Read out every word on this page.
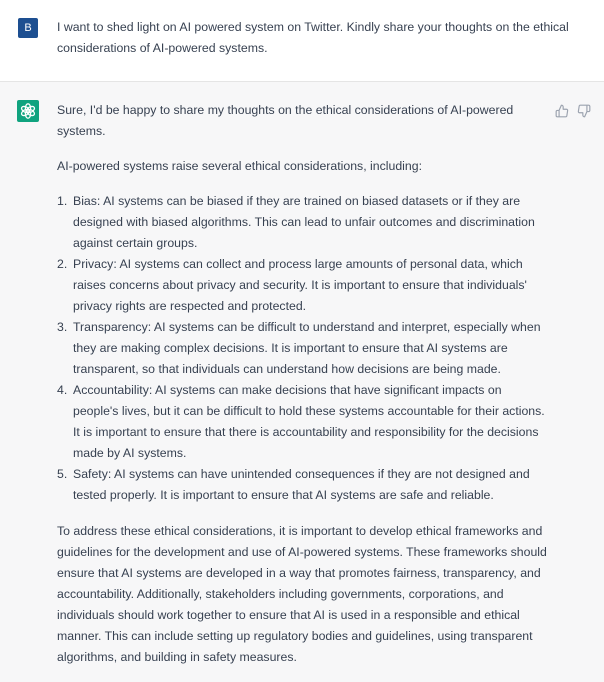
B	I want to shed light on AI powered system on Twitter. Kindly share your thoughts on the ethical considerations of AI-powered systems.

Sure, I'd be happy to share my thoughts on the ethical considerations of AI-powered systems.

AI-powered systems raise several ethical considerations, including:

1. Bias: AI systems can be biased if they are trained on biased datasets or if they are designed with biased algorithms. This can lead to unfair outcomes and discrimination against certain groups.
2. Privacy: AI systems can collect and process large amounts of personal data, which raises concerns about privacy and security. It is important to ensure that individuals' privacy rights are respected and protected.
3. Transparency: AI systems can be difficult to understand and interpret, especially when they are making complex decisions. It is important to ensure that AI systems are transparent, so that individuals can understand how decisions are being made.
4. Accountability: AI systems can make decisions that have significant impacts on people's lives, but it can be difficult to hold these systems accountable for their actions. It is important to ensure that there is accountability and responsibility for the decisions made by AI systems.
5. Safety: AI systems can have unintended consequences if they are not designed and tested properly. It is important to ensure that AI systems are safe and reliable.

To address these ethical considerations, it is important to develop ethical frameworks and guidelines for the development and use of AI-powered systems. These frameworks should ensure that AI systems are developed in a way that promotes fairness, transparency, and accountability. Additionally, stakeholders including governments, corporations, and individuals should work together to ensure that AI is used in a responsible and ethical manner. This can include setting up regulatory bodies and guidelines, using transparent algorithms, and building in safety measures.
